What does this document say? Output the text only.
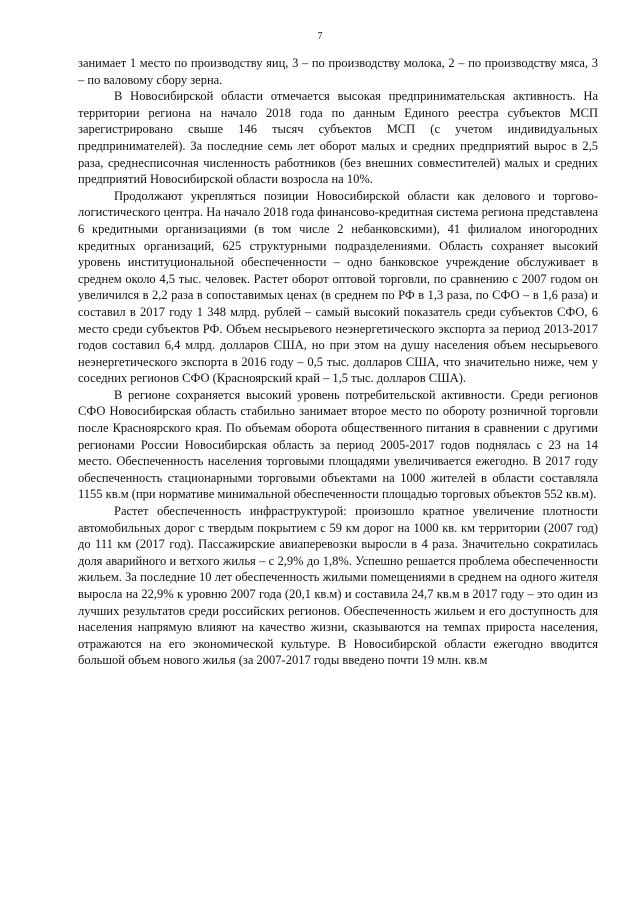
7

занимает 1 место по производству яиц, 3 – по производству молока, 2 – по производству мяса, 3 – по валовому сбору зерна.

В Новосибирской области отмечается высокая предпринимательская активность. На территории региона на начало 2018 года по данным Единого реестра субъектов МСП зарегистрировано свыше 146 тысяч субъектов МСП (с учетом индивидуальных предпринимателей). За последние семь лет оборот малых и средних предприятий вырос в 2,5 раза, среднесписочная численность работников (без внешних совместителей) малых и средних предприятий Новосибирской области возросла на 10%.

Продолжают укрепляться позиции Новосибирской области как делового и торгово-логистического центра. На начало 2018 года финансово-кредитная система региона представлена 6 кредитными организациями (в том числе 2 небанковскими), 41 филиалом иногородних кредитных организаций, 625 структурными подразделениями. Область сохраняет высокий уровень институциональной обеспеченности – одно банковское учреждение обслуживает в среднем около 4,5 тыс. человек. Растет оборот оптовой торговли, по сравнению с 2007 годом он увеличился в 2,2 раза в сопоставимых ценах (в среднем по РФ в 1,3 раза, по СФО – в 1,6 раза) и составил в 2017 году 1 348 млрд. рублей – самый высокий показатель среди субъектов СФО, 6 место среди субъектов РФ. Объем несырьевого неэнергетического экспорта за период 2013-2017 годов составил 6,4 млрд. долларов США, но при этом на душу населения объем несырьевого неэнергетического экспорта в 2016 году – 0,5 тыс. долларов США, что значительно ниже, чем у соседних регионов СФО (Красноярский край – 1,5 тыс. долларов США).

В регионе сохраняется высокий уровень потребительской активности. Среди регионов СФО Новосибирская область стабильно занимает второе место по обороту розничной торговли после Красноярского края. По объемам оборота общественного питания в сравнении с другими регионами России Новосибирская область за период 2005-2017 годов поднялась с 23 на 14 место. Обеспеченность населения торговыми площадями увеличивается ежегодно. В 2017 году обеспеченность стационарными торговыми объектами на 1000 жителей в области составляла 1155 кв.м (при нормативе минимальной обеспеченности площадью торговых объектов 552 кв.м).

Растет обеспеченность инфраструктурой: произошло кратное увеличение плотности автомобильных дорог с твердым покрытием с 59 км дорог на 1000 кв. км территории (2007 год) до 111 км (2017 год). Пассажирские авиаперевозки выросли в 4 раза. Значительно сократилась доля аварийного и ветхого жилья – с 2,9% до 1,8%. Успешно решается проблема обеспеченности жильем. За последние 10 лет обеспеченность жилыми помещениями в среднем на одного жителя выросла на 22,9% к уровню 2007 года (20,1 кв.м) и составила 24,7 кв.м в 2017 году – это один из лучших результатов среди российских регионов. Обеспеченность жильем и его доступность для населения напрямую влияют на качество жизни, сказываются на темпах прироста населения, отражаются на его экономической культуре. В Новосибирской области ежегодно вводится большой объем нового жилья (за 2007-2017 годы введено почти 19 млн. кв.м
